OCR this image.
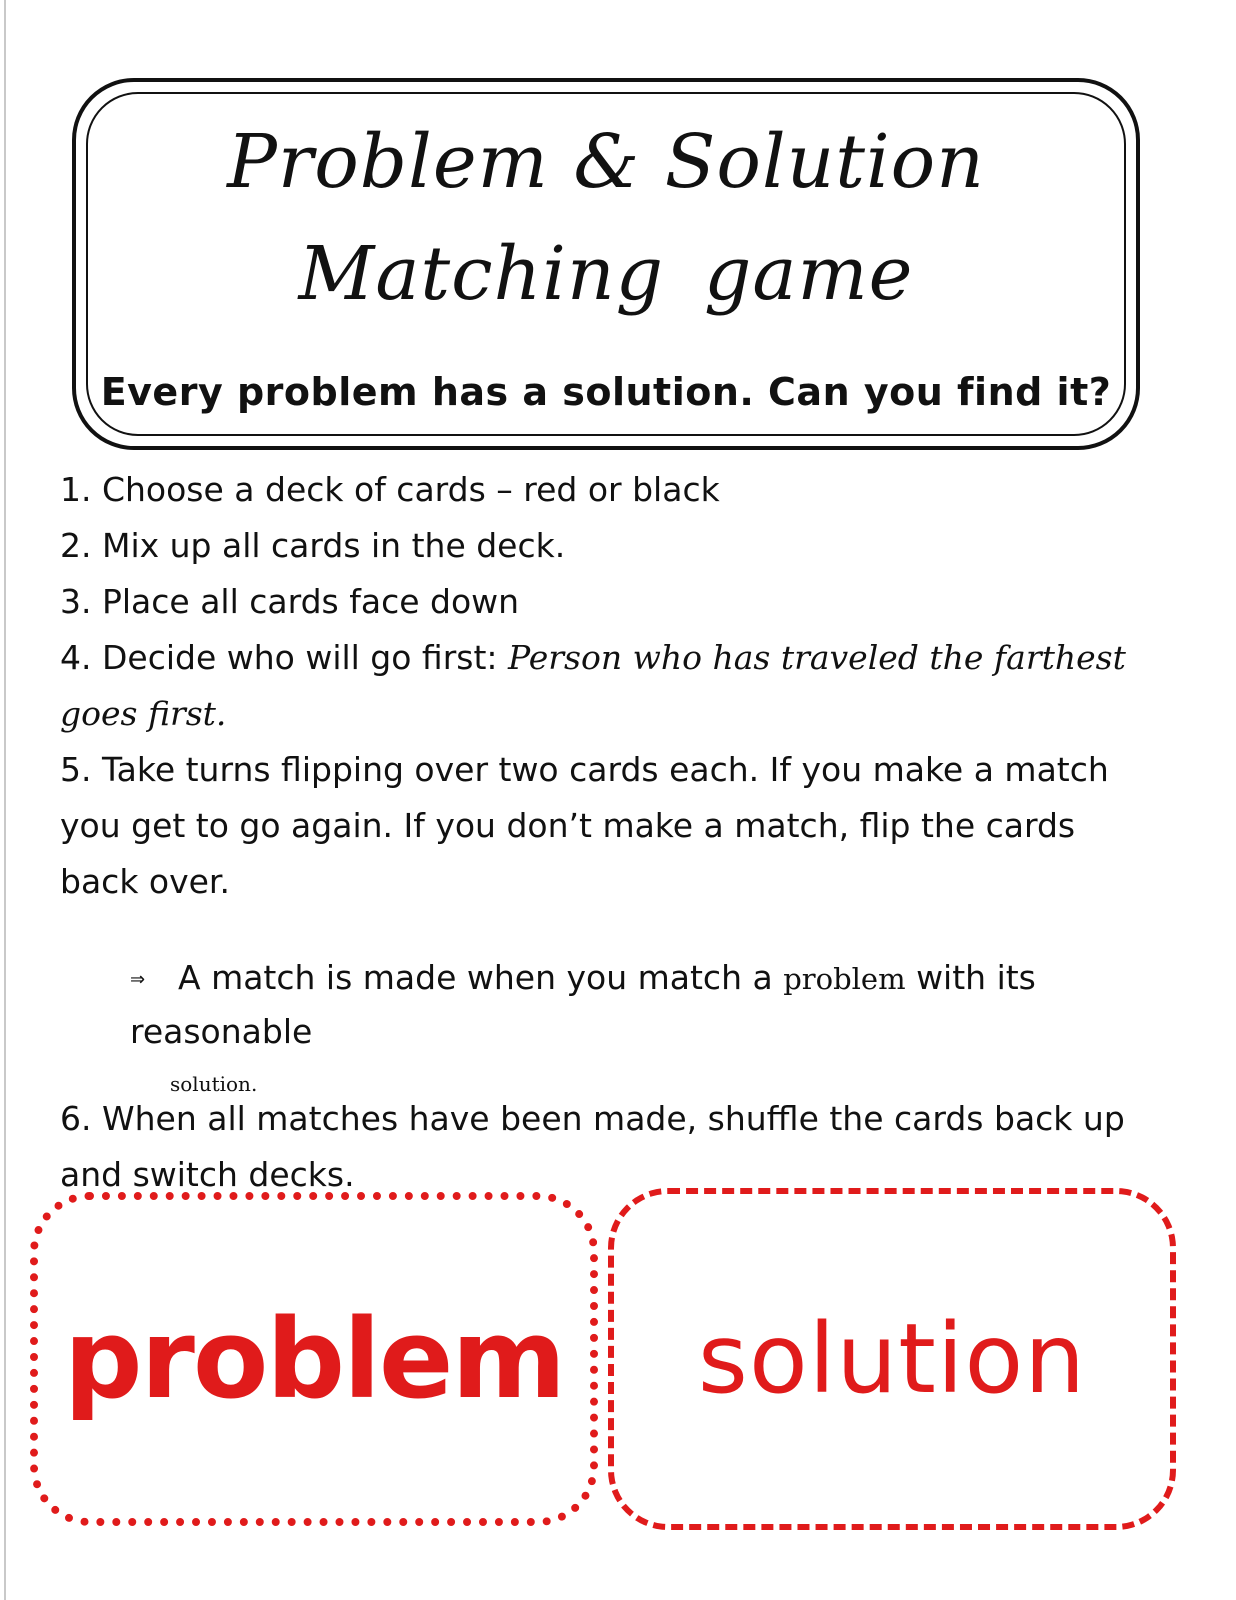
Problem & Solution
Matching game
Every problem has a solution. Can you find it?

1. Choose a deck of cards – red or black

2. Mix up all cards in the deck.

3. Place all cards face down

4. Decide who will go first: Person who has traveled the farthest
goes first.

5. Take turns flipping over two cards each. If you make a match you get to go again. If you don’t make a match, flip the cards back over.

⇒ A match is made when you match a problem with its reasonable
solution.

6. When all matches have been made, shuffle the cards back up and switch decks.

problem solution
